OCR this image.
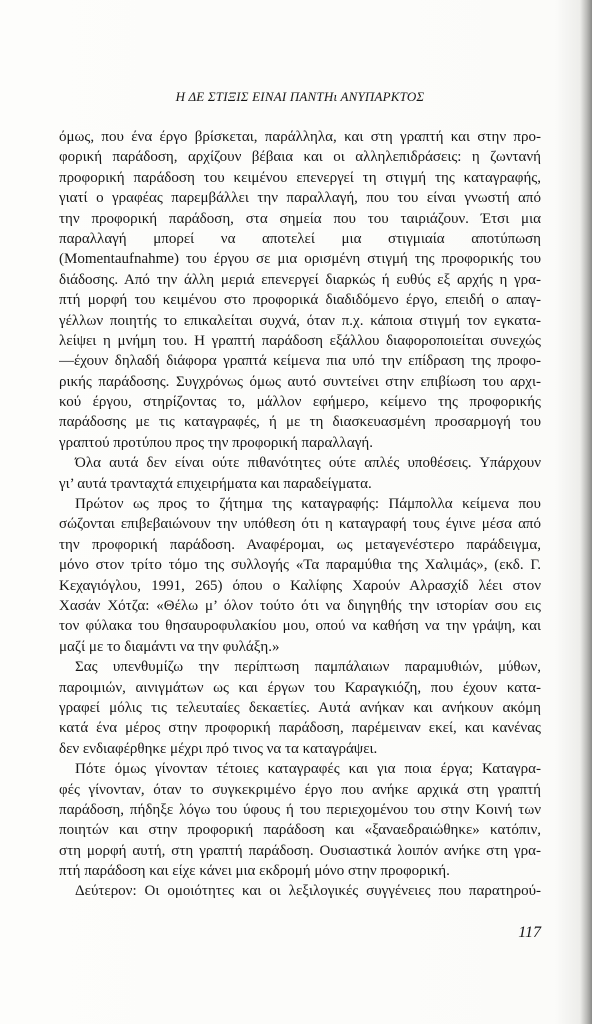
Η ΔΕ ΣΤΙΞΙΣ ΕΙΝΑΙ ΠΑΝΤΗι ΑΝΥΠΑΡΚΤΟΣ
όμως, που ένα έργο βρίσκεται, παράλληλα, και στη γραπτή και στην προ-
φορική παράδοση, αρχίζουν βέβαια και οι αλληλεπιδράσεις: η ζωντανή
προφορική παράδοση του κειμένου επενεργεί τη στιγμή της καταγραφής,
γιατί ο γραφέας παρεμβάλλει την παραλλαγή, που του είναι γνωστή από
την προφορική παράδοση, στα σημεία που του ταιριάζουν. Έτσι μια
παραλλαγή μπορεί να αποτελεί μια στιγμιαία αποτύπωση
(Momentaufnahme) του έργου σε μια ορισμένη στιγμή της προφορικής του
διάδοσης. Από την άλλη μεριά επενεργεί διαρκώς ή ευθύς εξ αρχής η γρα-
πτή μορφή του κειμένου στο προφορικά διαδιδόμενο έργο, επειδή ο απαγ-
γέλλων ποιητής το επικαλείται συχνά, όταν π.χ. κάποια στιγμή τον εγκατα-
λείψει η μνήμη του. Η γραπτή παράδοση εξάλλου διαφοροποιείται συνεχώς
—έχουν δηλαδή διάφορα γραπτά κείμενα πια υπό την επίδραση της προφο-
ρικής παράδοσης. Συγχρόνως όμως αυτό συντείνει στην επιβίωση του αρχι-
κού έργου, στηρίζοντας το, μάλλον εφήμερο, κείμενο της προφορικής
παράδοσης με τις καταγραφές, ή με τη διασκευασμένη προσαρμογή του
γραπτού προτύπου προς την προφορική παραλλαγή.
Όλα αυτά δεν είναι ούτε πιθανότητες ούτε απλές υποθέσεις. Υπάρχουν
γι’ αυτά τρανταχτά επιχειρήματα και παραδείγματα.
Πρώτον ως προς το ζήτημα της καταγραφής: Πάμπολλα κείμενα που
σώζονται επιβεβαιώνουν την υπόθεση ότι η καταγραφή τους έγινε μέσα από
την προφορική παράδοση. Αναφέρομαι, ως μεταγενέστερο παράδειγμα,
μόνο στον τρίτο τόμο της συλλογής «Τα παραμύθια της Χαλιμάς», (εκδ. Γ.
Κεχαγιόγλου, 1991, 265) όπου ο Καλίφης Χαρούν Αλρασχίδ λέει στον
Χασάν Χότζα: «Θέλω μ’ όλον τούτο ότι να διηγηθής την ιστορίαν σου εις
τον φύλακα του θησαυροφυλακίου μου, οπού να καθήση να την γράψη, και
μαζί με το διαμάντι να την φυλάξη.»
Σας υπενθυμίζω την περίπτωση παμπάλαιων παραμυθιών, μύθων,
παροιμιών, αινιγμάτων ως και έργων του Καραγκιόζη, που έχουν κατα-
γραφεί μόλις τις τελευταίες δεκαετίες. Αυτά ανήκαν και ανήκουν ακόμη
κατά ένα μέρος στην προφορική παράδοση, παρέμειναν εκεί, και κανένας
δεν ενδιαφέρθηκε μέχρι πρό τινος να τα καταγράψει.
Πότε όμως γίνονταν τέτοιες καταγραφές και για ποια έργα; Καταγρα-
φές γίνονταν, όταν το συγκεκριμένο έργο που ανήκε αρχικά στη γραπτή
παράδοση, πήδηξε λόγω του ύφους ή του περιεχομένου του στην Κοινή των
ποιητών και στην προφορική παράδοση και «ξαναεδραιώθηκε» κατόπιν,
στη μορφή αυτή, στη γραπτή παράδοση. Ουσιαστικά λοιπόν ανήκε στη γρα-
πτή παράδοση και είχε κάνει μια εκδρομή μόνο στην προφορική.
Δεύτερον: Οι ομοιότητες και οι λεξιλογικές συγγένειες που παρατηρού-
117
